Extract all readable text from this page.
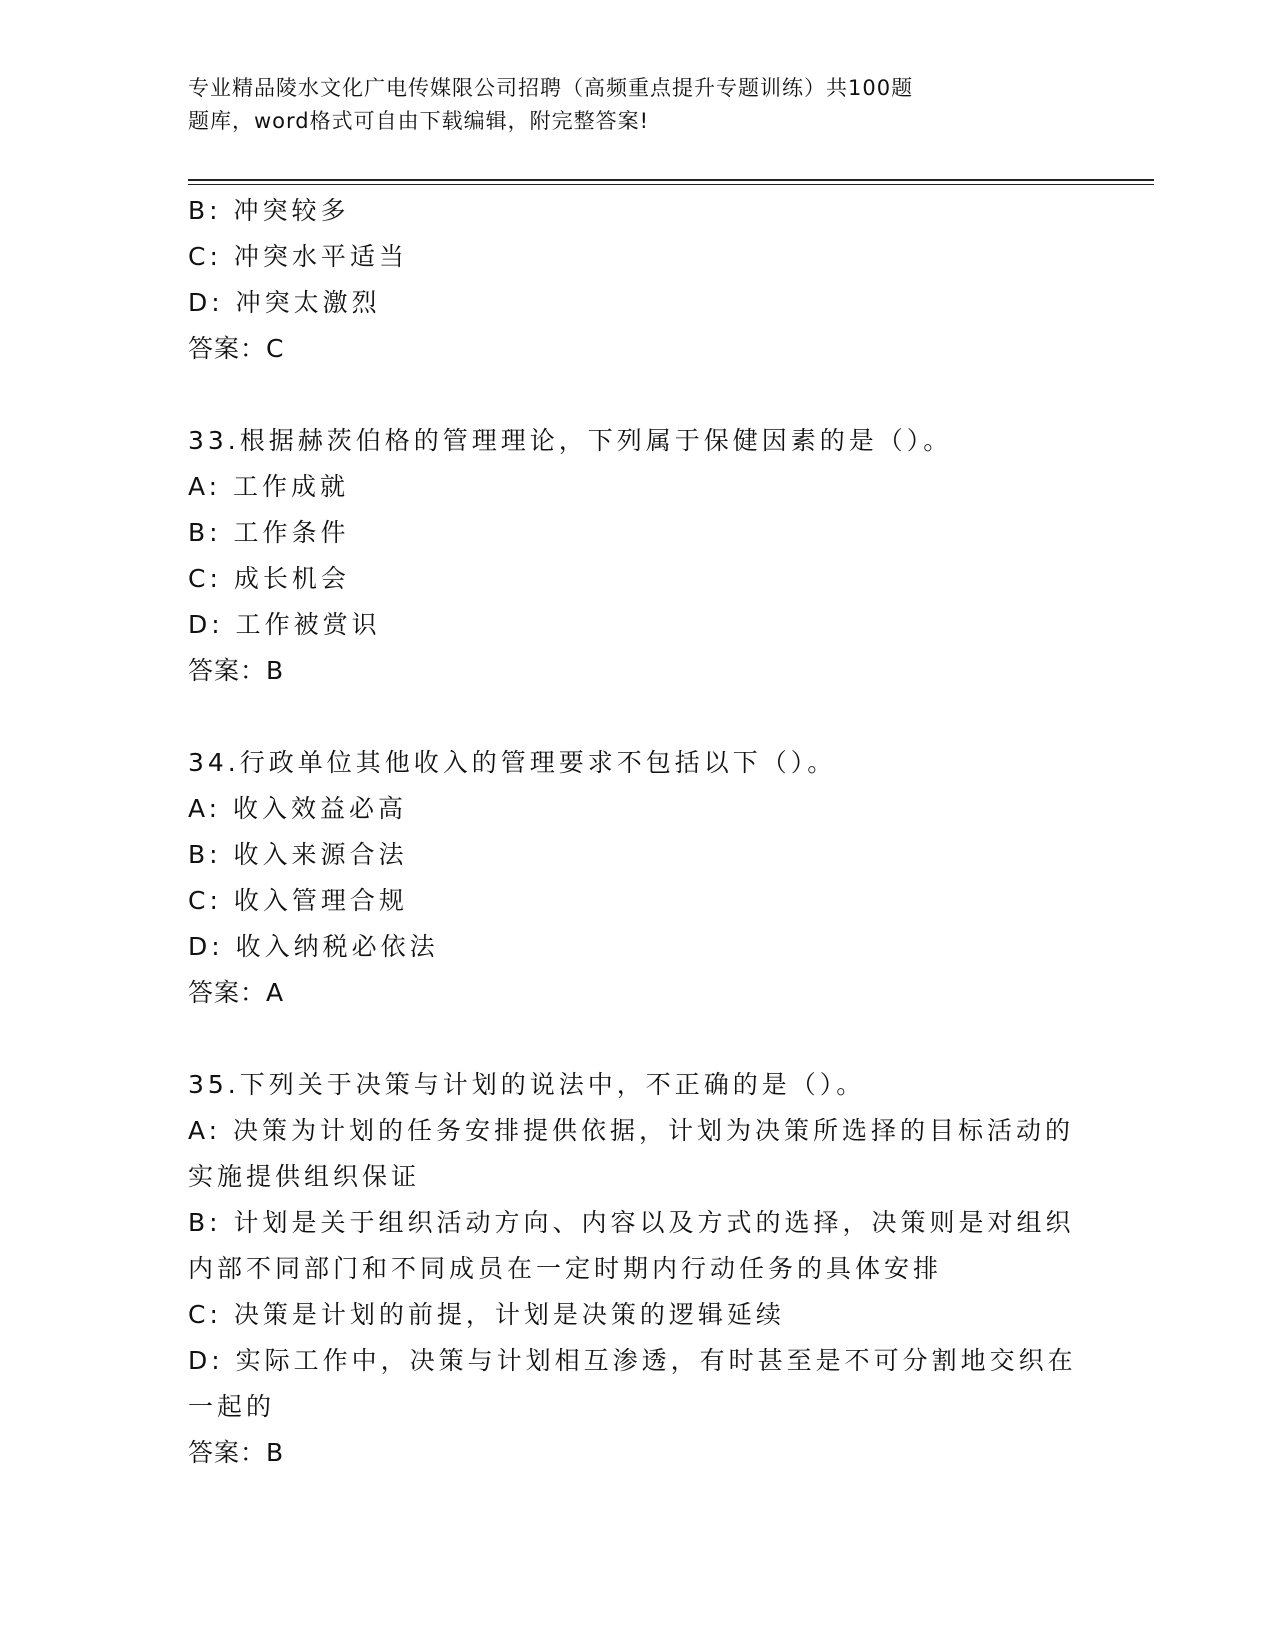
专业精品陵水文化广电传媒限公司招聘（高频重点提升专题训练）共100题
题库，word格式可自由下载编辑，附完整答案!
B: 冲突较多
C: 冲突水平适当
D: 冲突太激烈
答案：C
33.根据赫茨伯格的管理理论，下列属于保健因素的是（）。
A: 工作成就
B: 工作条件
C: 成长机会
D: 工作被赏识
答案：B
34.行政单位其他收入的管理要求不包括以下（）。
A: 收入效益必高
B: 收入来源合法
C: 收入管理合规
D: 收入纳税必依法
答案：A
35.下列关于决策与计划的说法中，不正确的是（）。
A: 决策为计划的任务安排提供依据，计划为决策所选择的目标活动的实施提供组织保证
B: 计划是关于组织活动方向、内容以及方式的选择，决策则是对组织内部不同部门和不同成员在一定时期内行动任务的具体安排
C: 决策是计划的前提，计划是决策的逻辑延续
D: 实际工作中，决策与计划相互渗透，有时甚至是不可分割地交织在一起的
答案：B
